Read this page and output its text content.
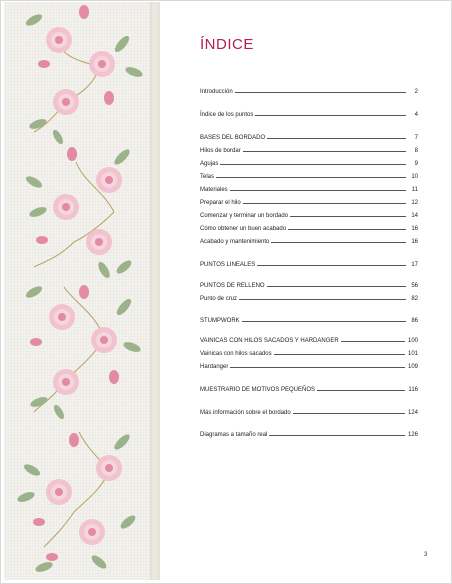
ÍNDICE
Introducción	2
Índice de los puntos	4
BASES DEL BORDADO	7
Hilos de bordar	8
Agujas	9
Telas	10
Materiales	11
Preparar el hilo	12
Comenzar y terminar un bordado	14
Cómo obtener un buen acabado	16
Acabado y mantenimiento	16
PUNTOS LINEALES	17
PUNTOS DE RELLENO	56
Punto de cruz	82
STUMPWORK	86
VAINICAS CON HILOS SACADOS Y HARDANGER	100
Vainicas con hilos sacados	101
Hardanger	109
MUESTRARIO DE MOTIVOS PEQUEÑOS	116
Más información sobre el bordado	124
Diagramas a tamaño real	126
3
